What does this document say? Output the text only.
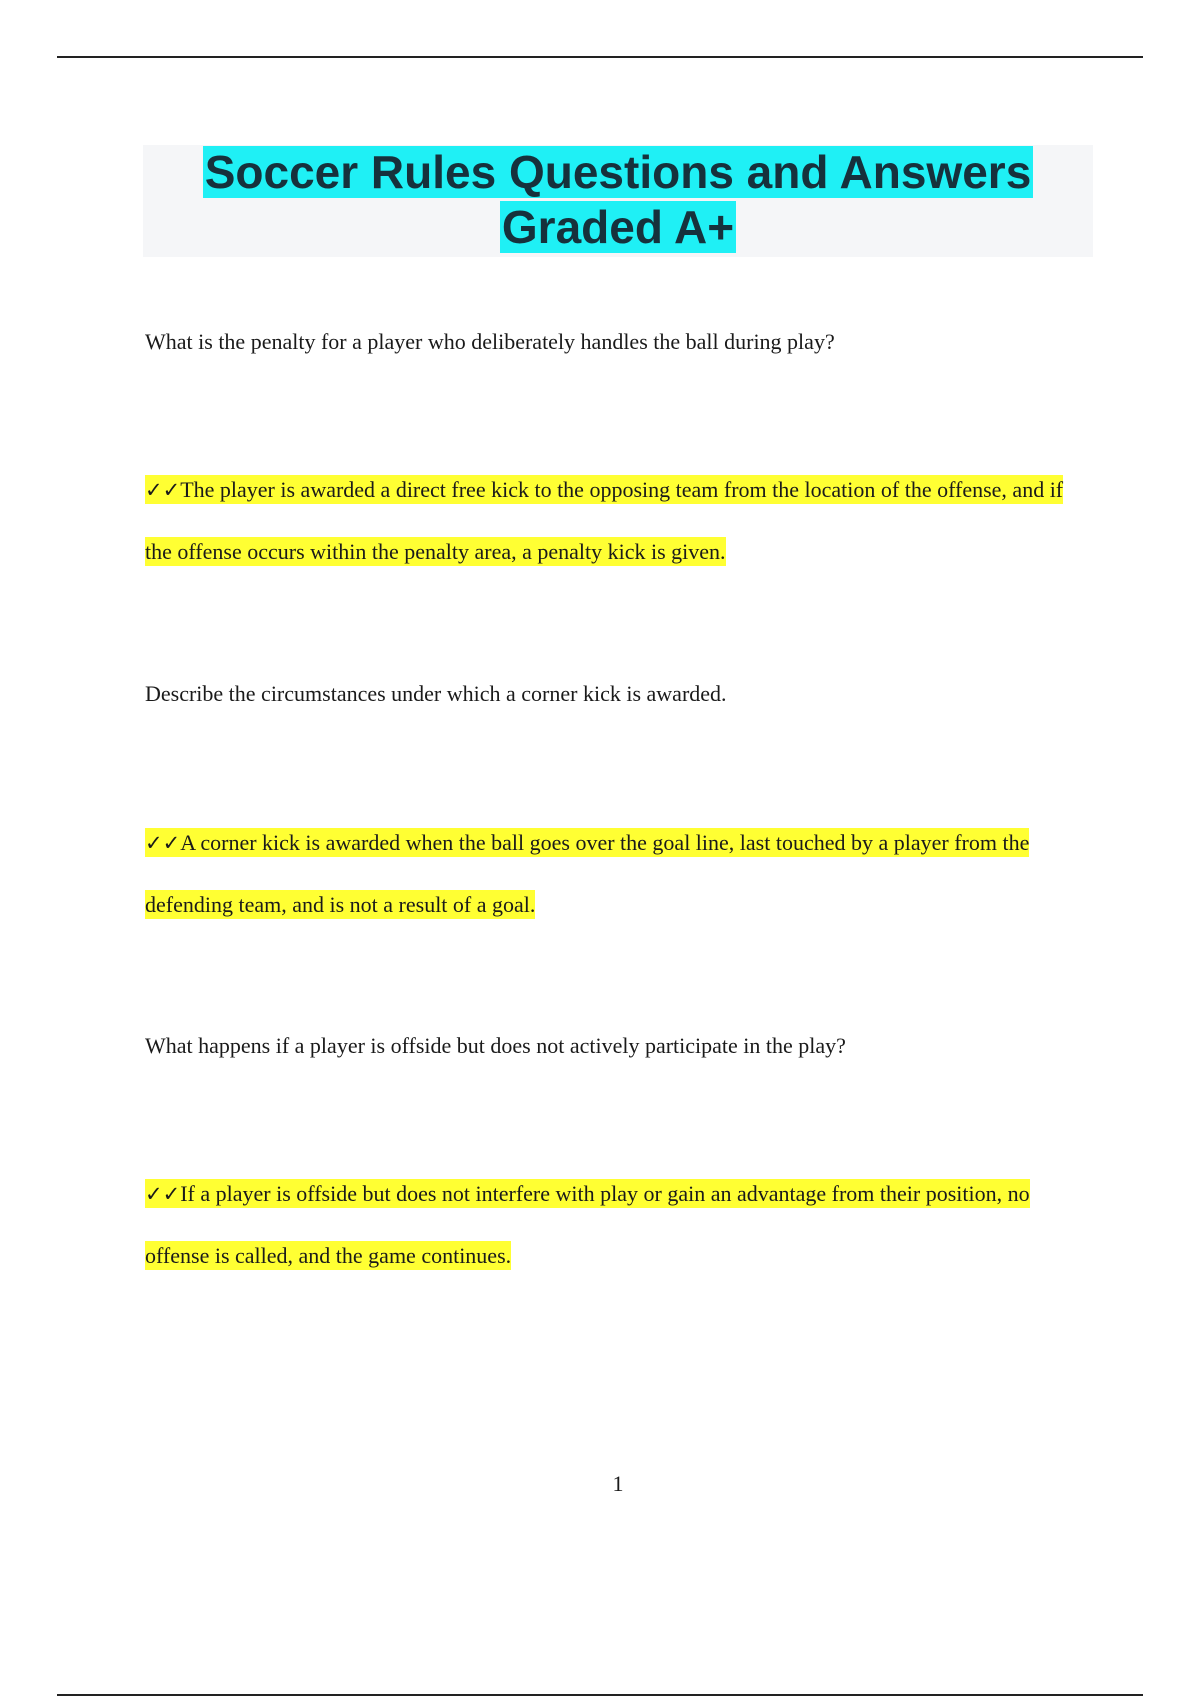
Soccer Rules Questions and Answers
Graded A+

What is the penalty for a player who deliberately handles the ball during play?

✓✓The player is awarded a direct free kick to the opposing team from the location of the offense, and if the offense occurs within the penalty area, a penalty kick is given.

Describe the circumstances under which a corner kick is awarded.

✓✓A corner kick is awarded when the ball goes over the goal line, last touched by a player from the defending team, and is not a result of a goal.

What happens if a player is offside but does not actively participate in the play?

✓✓If a player is offside but does not interfere with play or gain an advantage from their position, no offense is called, and the game continues.

1
